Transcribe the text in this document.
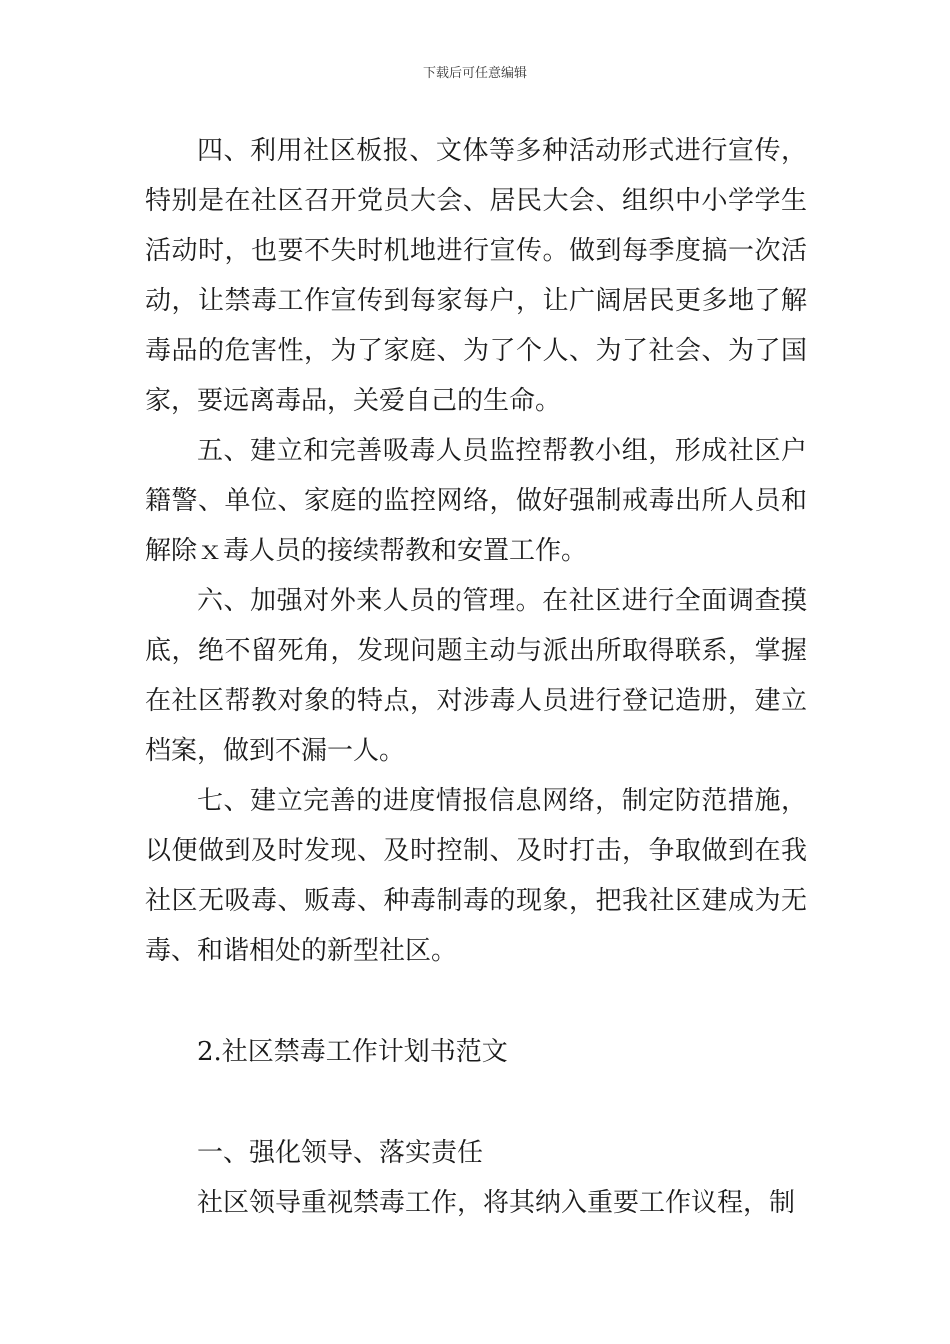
下载后可任意编辑

四、利用社区板报、文体等多种活动形式进行宣传，特别是在社区召开党员大会、居民大会、组织中小学学生活动时，也要不失时机地进行宣传。做到每季度搞一次活动，让禁毒工作宣传到每家每户，让广阔居民更多地了解毒品的危害性，为了家庭、为了个人、为了社会、为了国家，要远离毒品，关爱自己的生命。

五、建立和完善吸毒人员监控帮教小组，形成社区户籍警、单位、家庭的监控网络，做好强制戒毒出所人员和解除ｘ毒人员的接续帮教和安置工作。

六、加强对外来人员的管理。在社区进行全面调查摸底，绝不留死角，发现问题主动与派出所取得联系，掌握在社区帮教对象的特点，对涉毒人员进行登记造册，建立档案，做到不漏一人。

七、建立完善的进度情报信息网络，制定防范措施，以便做到及时发现、及时控制、及时打击，争取做到在我社区无吸毒、贩毒、种毒制毒的现象，把我社区建成为无毒、和谐相处的新型社区。

2.社区禁毒工作计划书范文

一、强化领导、落实责任

社区领导重视禁毒工作，将其纳入重要工作议程，制
